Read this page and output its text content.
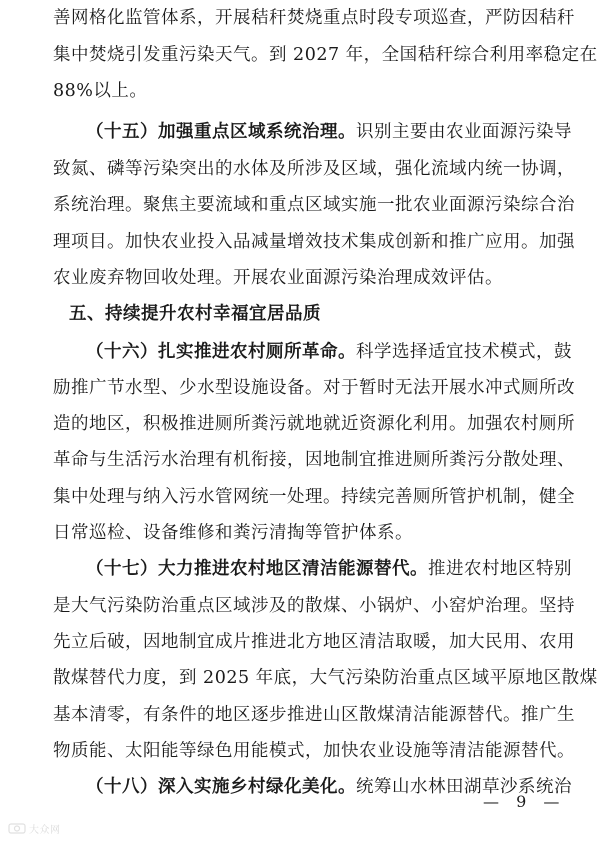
善网格化监管体系，开展秸秆焚烧重点时段专项巡查，严防因秸秆
集中焚烧引发重污染天气。到 2027 年，全国秸秆综合利用率稳定在
88%以上。
（十五）加强重点区域系统治理。识别主要由农业面源污染导
致氮、磷等污染突出的水体及所涉及区域，强化流域内统一协调，
系统治理。聚焦主要流域和重点区域实施一批农业面源污染综合治
理项目。加快农业投入品减量增效技术集成创新和推广应用。加强
农业废弃物回收处理。开展农业面源污染治理成效评估。
五、持续提升农村幸福宜居品质
（十六）扎实推进农村厕所革命。科学选择适宜技术模式，鼓
励推广节水型、少水型设施设备。对于暂时无法开展水冲式厕所改
造的地区，积极推进厕所粪污就地就近资源化利用。加强农村厕所
革命与生活污水治理有机衔接，因地制宜推进厕所粪污分散处理、
集中处理与纳入污水管网统一处理。持续完善厕所管护机制，健全
日常巡检、设备维修和粪污清掏等管护体系。
（十七）大力推进农村地区清洁能源替代。推进农村地区特别
是大气污染防治重点区域涉及的散煤、小锅炉、小窑炉治理。坚持
先立后破，因地制宜成片推进北方地区清洁取暖，加大民用、农用
散煤替代力度，到 2025 年底，大气污染防治重点区域平原地区散煤
基本清零，有条件的地区逐步推进山区散煤清洁能源替代。推广生
物质能、太阳能等绿色用能模式，加快农业设施等清洁能源替代。
（十八）深入实施乡村绿化美化。统筹山水林田湖草沙系统治
— 9 —
大众网
